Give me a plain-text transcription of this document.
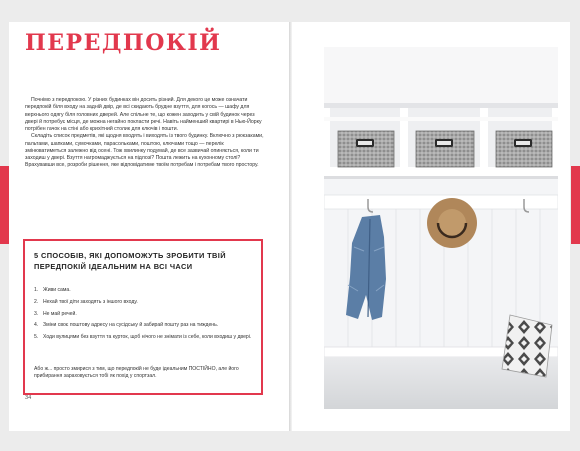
ПЕРЕДПОКІЙ

Почнімо з передпокою. У різних будинках він досить різний. Для декого це може означати передпокій біля входу на задній двір, де всі скидають брудне взуття, для когось — шафу для верхнього одягу біля головних дверей. Але спільне те, що кожен заходить у свій будинок через двері й потребує місця, де можна негайно покласти речі. Навіть найменший квартирі в Нью-Йорку потрібен гачок на стіні або крихітний столик для ключів і пошти.

Складіть список предметів, які щодня входять і виходять із твого будинку. Включно з рюкзаками, пальтами, шапками, сумочками, парасольками, поштою, ключами тощо — перелік змінюватиметься залежно від осені. Тож хвилинку подумай, де все зазвичай опиняється, коли ти заходиш у двері. Взуття нагромаджується на підлозі? Пошта лежить на кухонному столі? Врахувавши все, розроби рішення, яке відповідатиме твоїм потребам і потребам твого простору.

5 СПОСОБІВ, ЯКІ ДОПОМОЖУТЬ ЗРОБИТИ ТВІЙ ПЕРЕДПОКІЙ ІДЕАЛЬНИМ НА ВСІ ЧАСИ
1. Живи сама.
2. Нехай твої діти заходять з іншого входу.
3. Не май речей.
4. Зміни своє поштову адресу на сусідську й забирай пошту раз на тиждень.
5. Ходи вулицями без взуття та курток, щоб нічого не знімати із себе, коли входиш у двері.
Або ж... просто змирися з тим, що передпокій не буде ідеальним ПОСТІЙНО, але його прибирання зараховується тобі як похід у спортзал.
34
